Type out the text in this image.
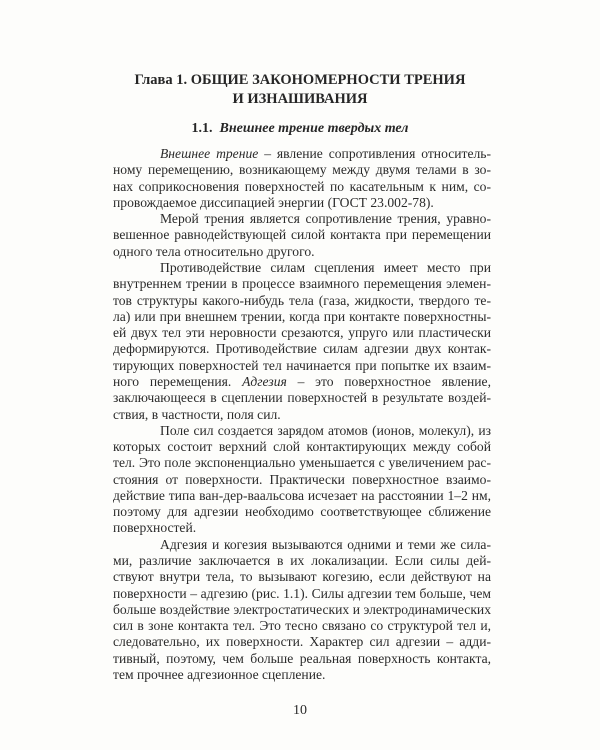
Глава 1. ОБЩИЕ ЗАКОНОМЕРНОСТИ ТРЕНИЯ
И ИЗНАШИВАНИЯ
1.1. Внешнее трение твердых тел
Внешнее трение – явление сопротивления относитель-
ному перемещению, возникающему между двумя телами в зо-
нах соприкосновения поверхностей по касательным к ним, со-
провождаемое диссипацией энергии (ГОСТ 23.002-78).
Мерой трения является сопротивление трения, уравно-
вешенное равнодействующей силой контакта при перемещении
одного тела относительно другого.
Противодействие силам сцепления имеет место при
внутреннем трении в процессе взаимного перемещения элемен-
тов структуры какого-нибудь тела (газа, жидкости, твердого те-
ла) или при внешнем трении, когда при контакте поверхностны-
ей двух тел эти неровности срезаются, упруго или пластически
деформируются. Противодействие силам адгезии двух контак-
тирующих поверхностей тел начинается при попытке их взаим-
ного перемещения. Адгезия – это поверхностное явление,
заключающееся в сцеплении поверхностей в результате воздей-
ствия, в частности, поля сил.
Поле сил создается зарядом атомов (ионов, молекул), из
которых состоит верхний слой контактирующих между собой
тел. Это поле экспоненциально уменьшается с увеличением рас-
стояния от поверхности. Практически поверхностное взаимо-
действие типа ван-дер-ваальсова исчезает на расстоянии 1–2 нм,
поэтому для адгезии необходимо соответствующее сближение
поверхностей.
Адгезия и когезия вызываются одними и теми же сила-
ми, различие заключается в их локализации. Если силы дей-
ствуют внутри тела, то вызывают когезию, если действуют на
поверхности – адгезию (рис. 1.1). Силы адгезии тем больше, чем
10
больше воздействие электростатических и электродинамических
сил в зоне контакта тел. Это тесно связано со структурой тел и,
следовательно, их поверхности. Характер сил адгезии – адди-
тивный, поэтому, чем больше реальная поверхность контакта,
тем прочнее адгезионное сцепление.
